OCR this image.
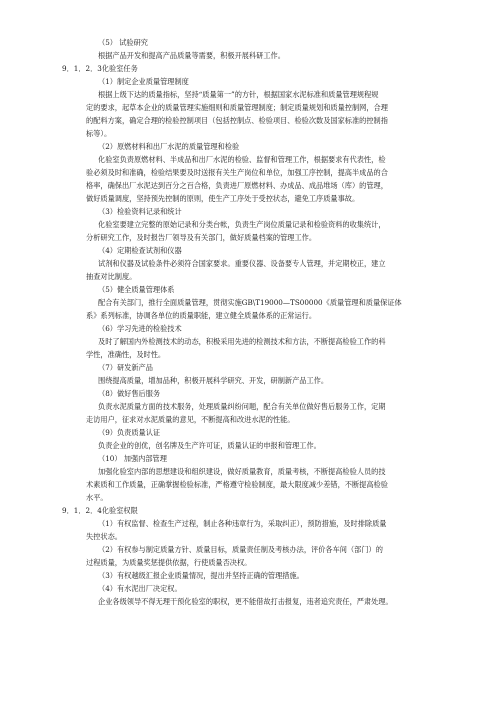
（5） 试验研究
根据产品开发和提高产品质量等需要，积极开展科研工作。
9．1．2．3化验室任务
（1）制定企业质量管理制度
根据上级下达的质量指标，坚持“质量第一”的方针，根据国家水泥标准和质量管理规程规
定的要求，起草本企业的质量管理实施细则和质量管理制度；制定质量规划和质量控制网，合理
的配料方案，确定合理的检验控制项目（包括控制点、检验项目、检验次数及国家标准的控制指
标等）。
（2）原燃材料和出厂水泥的质量管理和检验
化验室负责原燃材料、半成品和出厂水泥的检验、监督和管理工作，根据要求有代表性，检
验必须及时和准确，检验结果要及时送报有关生产岗位和单位，加强工序控制，提高半成品的合
格率，确保出厂水泥达到百分之百合格，负责进厂原燃材料、办成品、成品堆场（库）的管理，
做好质量调度，坚持预先控制的原则，使生产工序处于受控状态，避免工序质量事故。
（3）检验资料记录和统计
化验室要建立完整的原始记录和分类台帐，负责生产岗位质量记录和检验资料的收集统计，
分析研究工作，及时报告厂领导及有关部门，做好质量档案的管理工作。
（4）定期检查试剂和仪器
试剂和仪器及试验条件必须符合国家要求。重要仪器、设备要专人管理，并定期校正，建立
抽查对比制度。
（5）健全质量管理体系
配合有关部门，推行全面质量管理，贯彻实施GB\T19000—TS00000《质量管理和质量保证体
系》系列标准，协调各单位的质量职能，建立健全质量体系的正常运行。
（6）学习先进的检验技术
及时了解国内外检测技术的动态，积极采用先进的检测技术和方法，不断提高检验工作的科
学性，准确性，及时性。
（7）研发新产品
围绕提高质量，增加品种，积极开展科学研究、开发，研制新产品工作。
（8）做好售后服务
负责水泥质量方面的技术服务，处理质量纠纷问题，配合有关单位做好售后服务工作，定期
走访用户，征求对水泥质量的意见，不断提高和改进水泥的性能。
（9）负责质量认证
负责企业的创优，创名牌及生产许可证，质量认证的申报和管理工作。
（10） 加强内部管理
加强化验室内部的思想建设和组织建设，做好质量教育，质量考核，不断提高检验人员的技
术素质和工作质量，正确掌握检验标准，严格遵守检验制度，最大限度减少差错，不断提高检验
水平。
9．1．2．4化验室权限
（1）有权监督、检查生产过程，制止各种违章行为，采取纠正），预防措施，及时排除质量
失控状态。
（2）有权参与制定质量方针、质量目标，质量责任制及考核办法，评价各车间（部门）的
过程质量，为质量奖惩提供依据，行使质量否决权。
（3）有权越级汇报企业质量情况，提出并坚持正确的管理措施。
（4）有水泥出厂决定权。
企业各级领导不得无理干预化验室的职权，更不能借故打击报复，违者追究责任，严肃处理。
